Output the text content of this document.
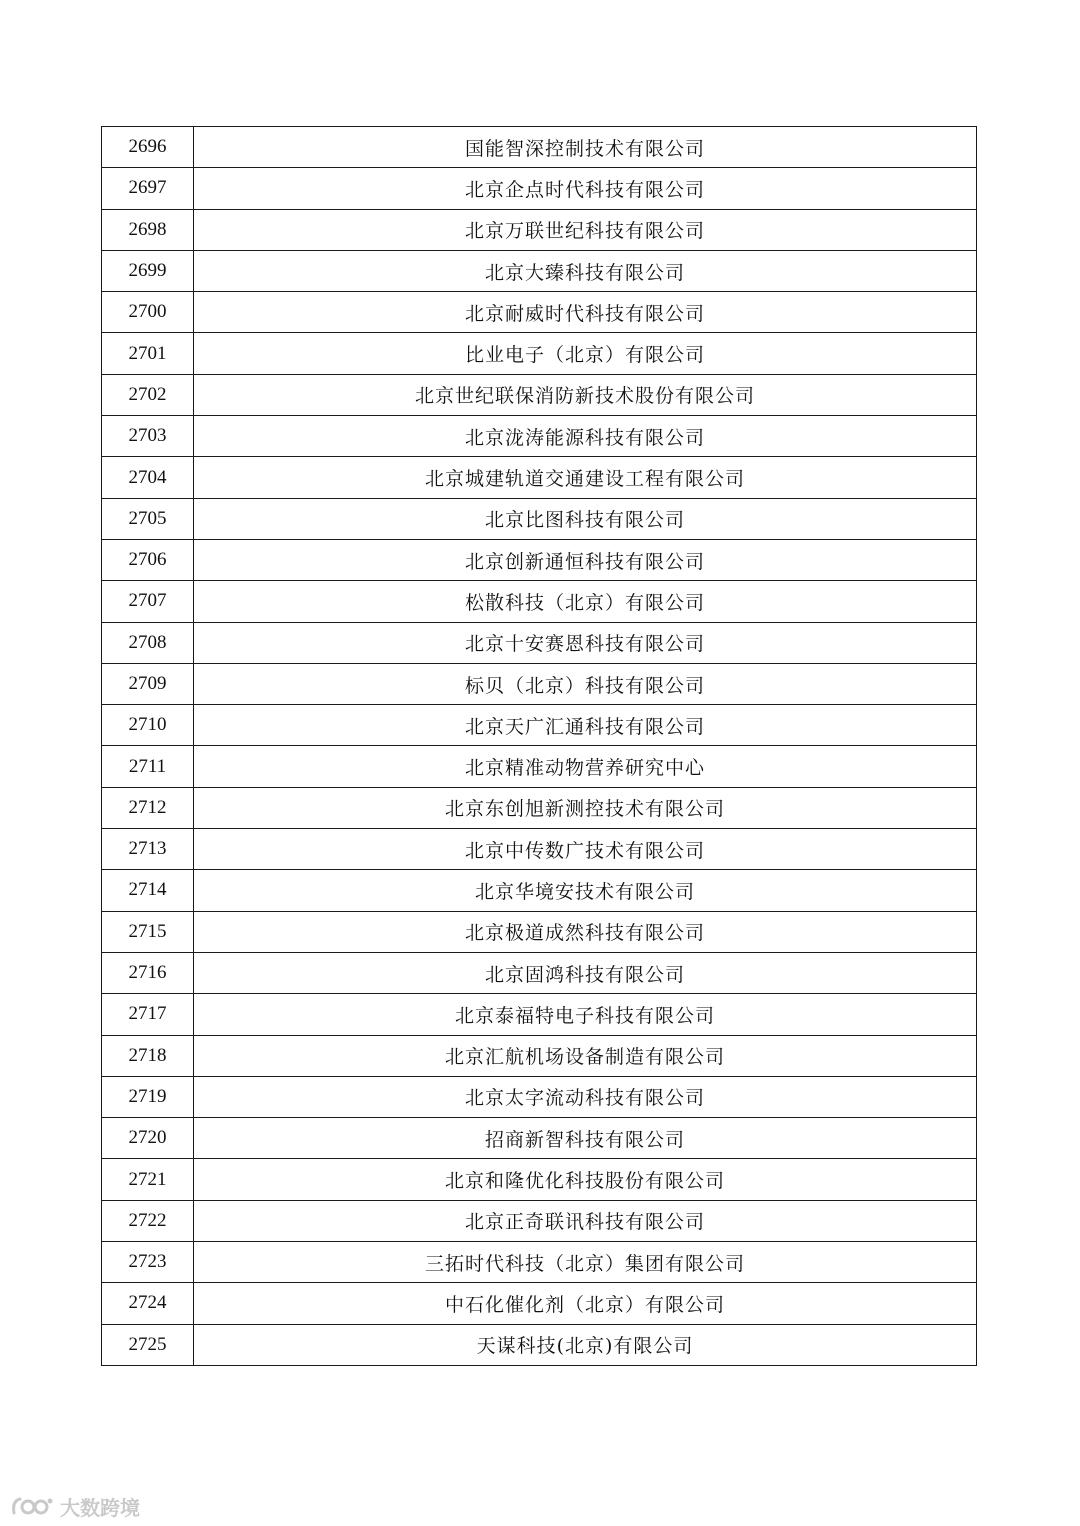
2696	国能智深控制技术有限公司
2697	北京企点时代科技有限公司
2698	北京万联世纪科技有限公司
2699	北京大臻科技有限公司
2700	北京耐威时代科技有限公司
2701	比业电子（北京）有限公司
2702	北京世纪联保消防新技术股份有限公司
2703	北京泷涛能源科技有限公司
2704	北京城建轨道交通建设工程有限公司
2705	北京比图科技有限公司
2706	北京创新通恒科技有限公司
2707	松散科技（北京）有限公司
2708	北京十安赛恩科技有限公司
2709	标贝（北京）科技有限公司
2710	北京天广汇通科技有限公司
2711	北京精准动物营养研究中心
2712	北京东创旭新测控技术有限公司
2713	北京中传数广技术有限公司
2714	北京华境安技术有限公司
2715	北京极道成然科技有限公司
2716	北京固鸿科技有限公司
2717	北京泰福特电子科技有限公司
2718	北京汇航机场设备制造有限公司
2719	北京太字流动科技有限公司
2720	招商新智科技有限公司
2721	北京和隆优化科技股份有限公司
2722	北京正奇联讯科技有限公司
2723	三拓时代科技（北京）集团有限公司
2724	中石化催化剂（北京）有限公司
2725	天谋科技(北京)有限公司
大数跨境
